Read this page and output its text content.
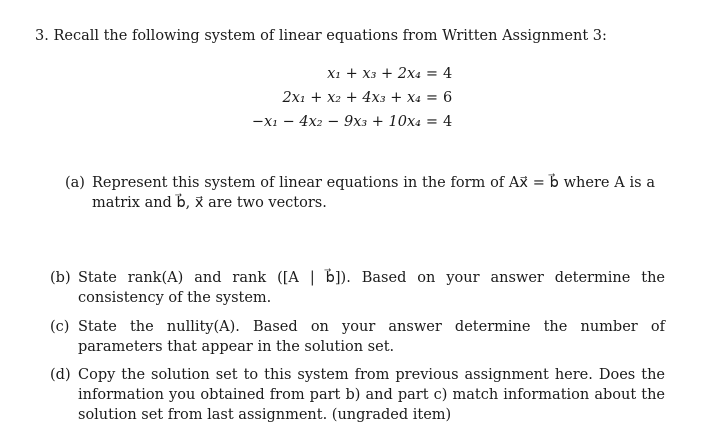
3. Recall the following system of linear equations from Written Assignment 3:
x₁ + x₃ + 2x₄ = 4
2x₁ + x₂ + 4x₃ + x₄ = 6
−x₁ − 4x₂ − 9x₃ + 10x₄ = 4
(a) Represent this system of linear equations in the form of Ax⃗ = b⃗ where A is a matrix and b⃗, x⃗ are two vectors.
(b) State rank(A) and rank ([A | b⃗]). Based on your answer determine the consistency of the system.
(c) State the nullity(A). Based on your answer determine the number of parameters that appear in the solution set.
(d) Copy the solution set to this system from previous assignment here. Does the information you obtained from part b) and part c) match information about the solution set from last assignment. (ungraded item)
